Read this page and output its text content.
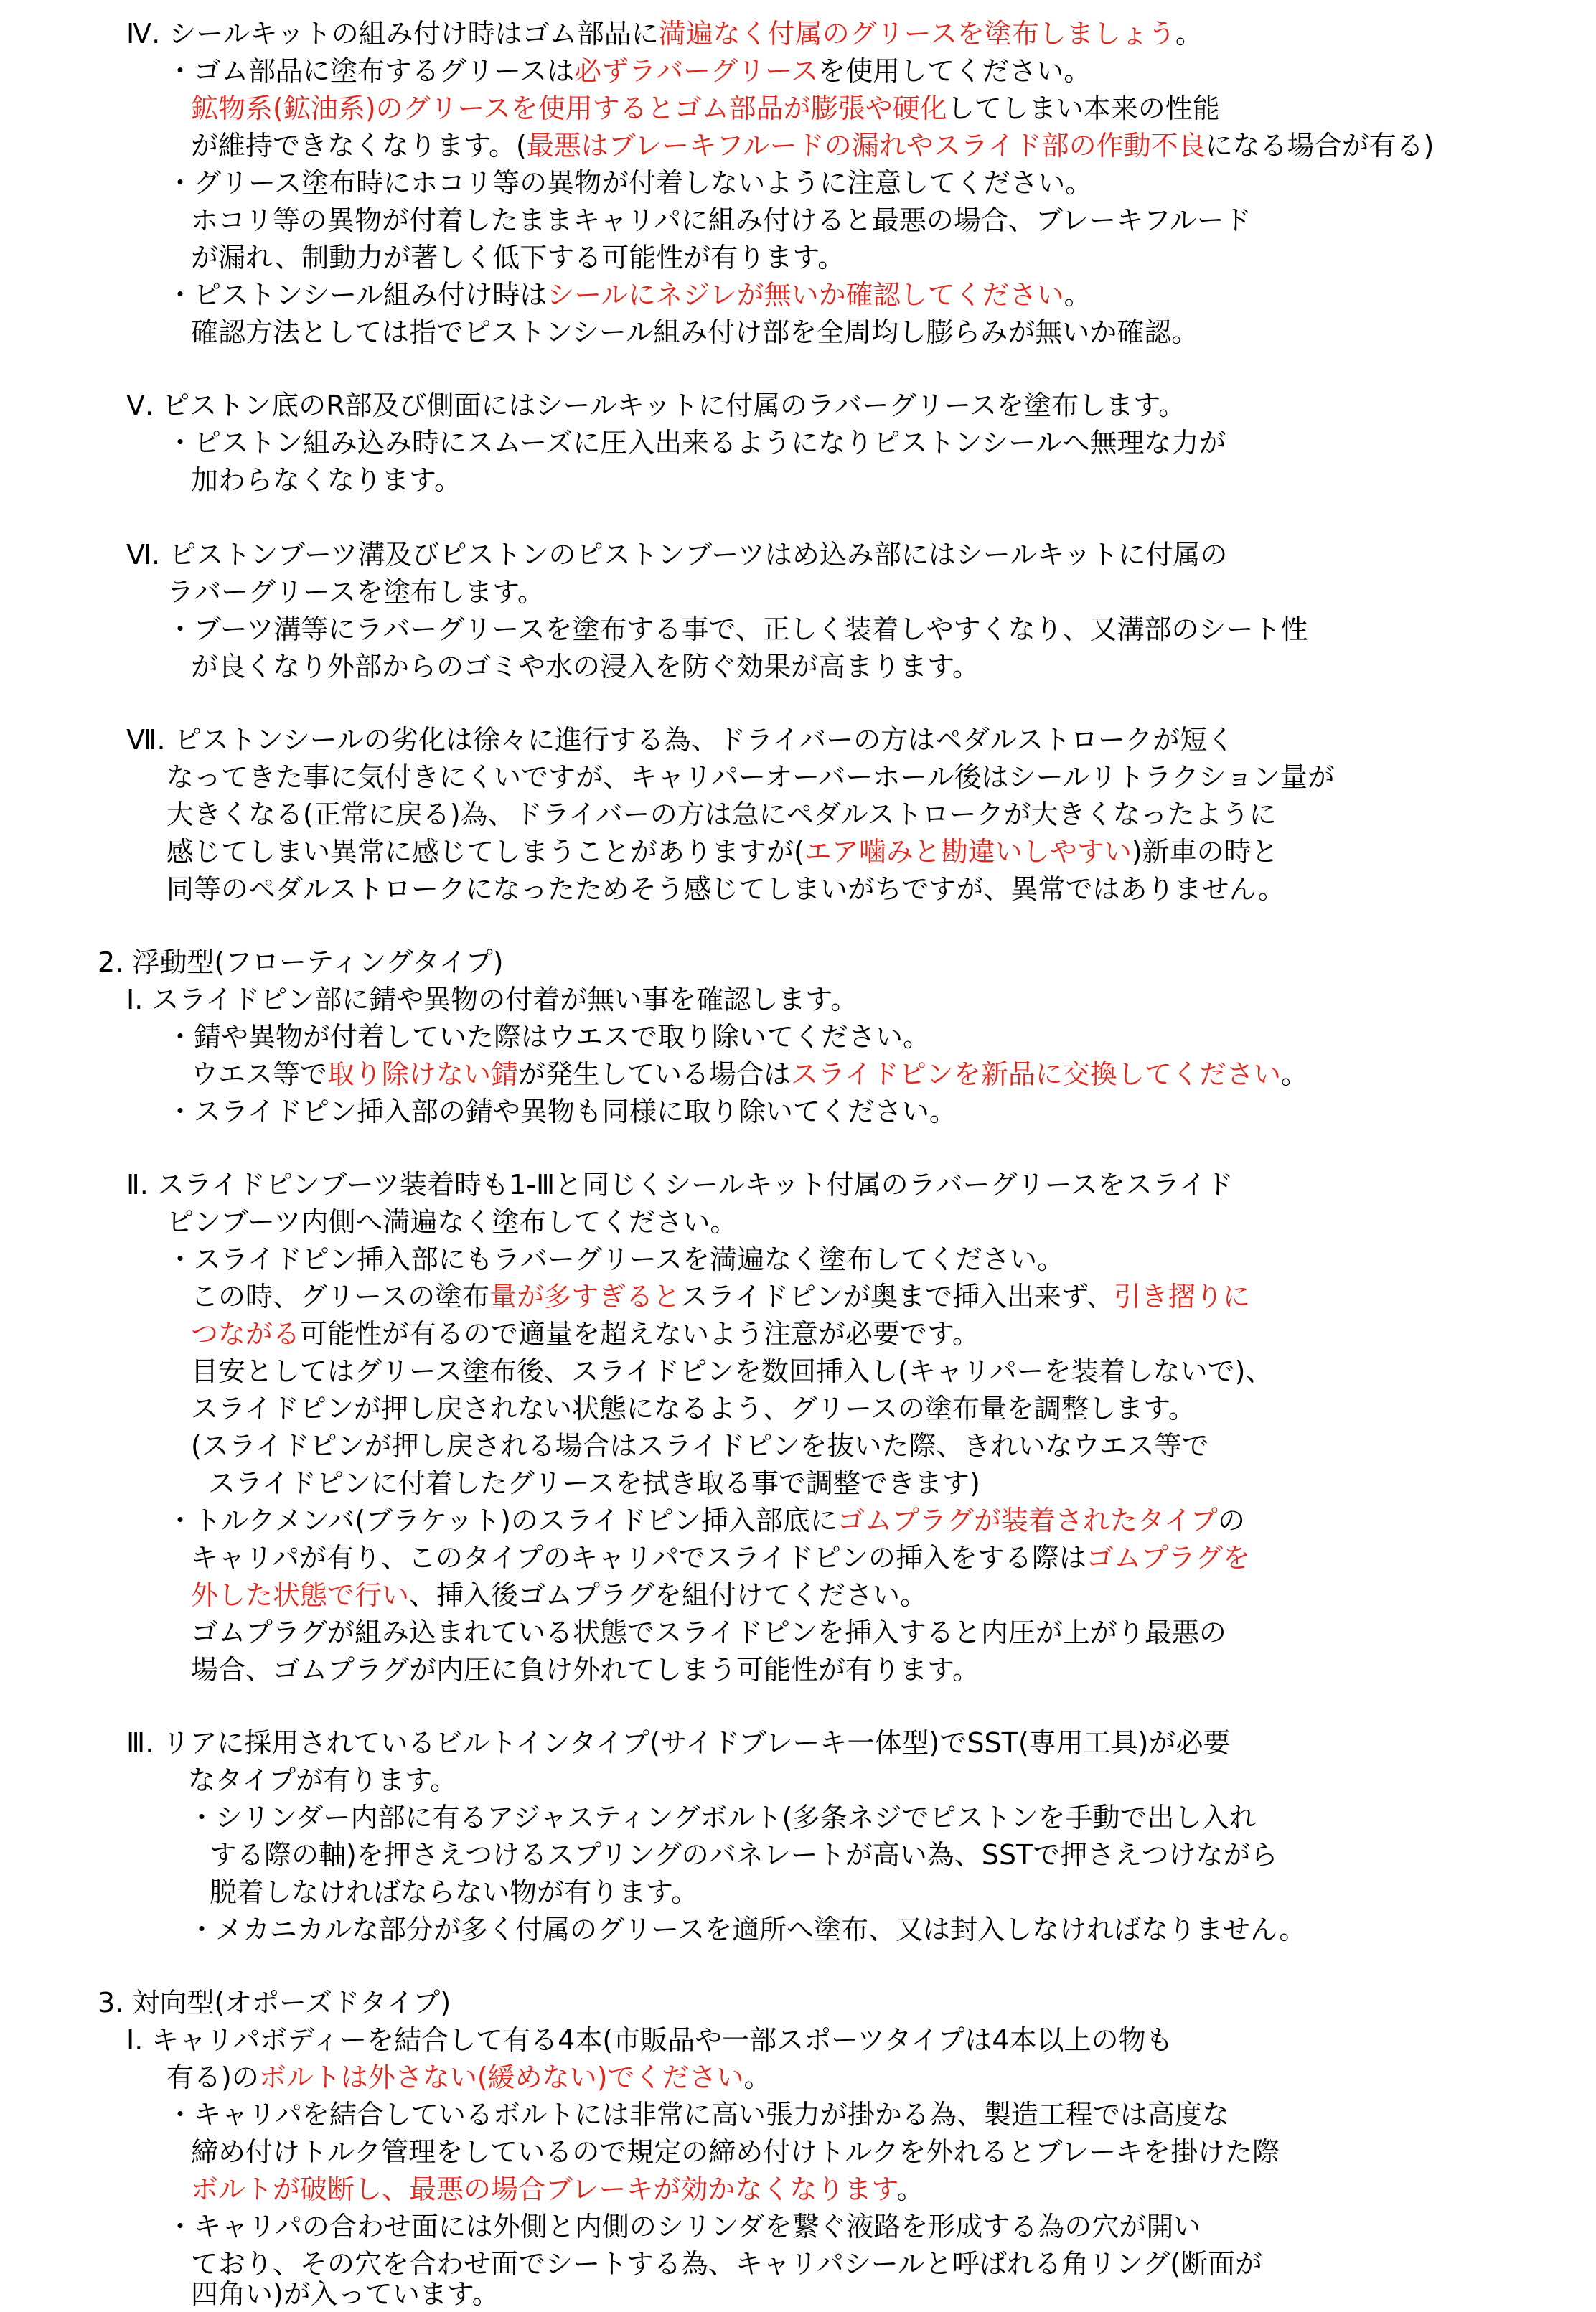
Ⅳ. シールキットの組み付け時はゴム部品に満遍なく付属のグリースを塗布しましょう。

・ゴム部品に塗布するグリースは必ずラバーグリースを使用してください。

鉱物系(鉱油系)のグリースを使用するとゴム部品が膨張や硬化してしまい本来の性能

が維持できなくなります。(最悪はブレーキフルードの漏れやスライド部の作動不良になる場合が有る)

・グリース塗布時にホコリ等の異物が付着しないように注意してください。

ホコリ等の異物が付着したままキャリパに組み付けると最悪の場合、ブレーキフルード

が漏れ、制動力が著しく低下する可能性が有ります。

・ピストンシール組み付け時はシールにネジレが無いか確認してください。

確認方法としては指でピストンシール組み付け部を全周均し膨らみが無いか確認。

Ⅴ. ピストン底のR部及び側面にはシールキットに付属のラバーグリースを塗布します。

・ピストン組み込み時にスムーズに圧入出来るようになりピストンシールへ無理な力が

加わらなくなります。

Ⅵ. ピストンブーツ溝及びピストンのピストンブーツはめ込み部にはシールキットに付属の

ラバーグリースを塗布します。

・ブーツ溝等にラバーグリースを塗布する事で、正しく装着しやすくなり、又溝部のシート性

が良くなり外部からのゴミや水の浸入を防ぐ効果が高まります。

Ⅶ. ピストンシールの劣化は徐々に進行する為、ドライバーの方はペダルストロークが短く

なってきた事に気付きにくいですが、キャリパーオーバーホール後はシールリトラクション量が

大きくなる(正常に戻る)為、ドライバーの方は急にペダルストロークが大きくなったように

感じてしまい異常に感じてしまうことがありますが(エア噛みと勘違いしやすい)新車の時と

同等のペダルストロークになったためそう感じてしまいがちですが、異常ではありません。

2. 浮動型(フローティングタイプ)

Ⅰ. スライドピン部に錆や異物の付着が無い事を確認します。

・錆や異物が付着していた際はウエスで取り除いてください。

ウエス等で取り除けない錆が発生している場合はスライドピンを新品に交換してください。

・スライドピン挿入部の錆や異物も同様に取り除いてください。

Ⅱ. スライドピンブーツ装着時も1-Ⅲと同じくシールキット付属のラバーグリースをスライド

ピンブーツ内側へ満遍なく塗布してください。

・スライドピン挿入部にもラバーグリースを満遍なく塗布してください。

この時、グリースの塗布量が多すぎるとスライドピンが奥まで挿入出来ず、引き摺りに

つながる可能性が有るので適量を超えないよう注意が必要です。

目安としてはグリース塗布後、スライドピンを数回挿入し(キャリパーを装着しないで)、

スライドピンが押し戻されない状態になるよう、グリースの塗布量を調整します。

(スライドピンが押し戻される場合はスライドピンを抜いた際、きれいなウエス等で

スライドピンに付着したグリースを拭き取る事で調整できます)

・トルクメンバ(ブラケット)のスライドピン挿入部底にゴムプラグが装着されたタイプの

キャリパが有り、このタイプのキャリパでスライドピンの挿入をする際はゴムプラグを

外した状態で行い、挿入後ゴムプラグを組付けてください。

ゴムプラグが組み込まれている状態でスライドピンを挿入すると内圧が上がり最悪の

場合、ゴムプラグが内圧に負け外れてしまう可能性が有ります。

Ⅲ. リアに採用されているビルトインタイプ(サイドブレーキ一体型)でSST(専用工具)が必要

なタイプが有ります。

・シリンダー内部に有るアジャスティングボルト(多条ネジでピストンを手動で出し入れ

する際の軸)を押さえつけるスプリングのバネレートが高い為、SSTで押さえつけながら

脱着しなければならない物が有ります。

・メカニカルな部分が多く付属のグリースを適所へ塗布、又は封入しなければなりません。

3. 対向型(オポーズドタイプ)

Ⅰ. キャリパボディーを結合して有る4本(市販品や一部スポーツタイプは4本以上の物も

有る)のボルトは外さない(緩めない)でください。

・キャリパを結合しているボルトには非常に高い張力が掛かる為、製造工程では高度な

締め付けトルク管理をしているので規定の締め付けトルクを外れるとブレーキを掛けた際

ボルトが破断し、最悪の場合ブレーキが効かなくなります。

・キャリパの合わせ面には外側と内側のシリンダを繋ぐ液路を形成する為の穴が開い

ており、その穴を合わせ面でシートする為、キャリパシールと呼ばれる角リング(断面が

四角い)が入っています。
